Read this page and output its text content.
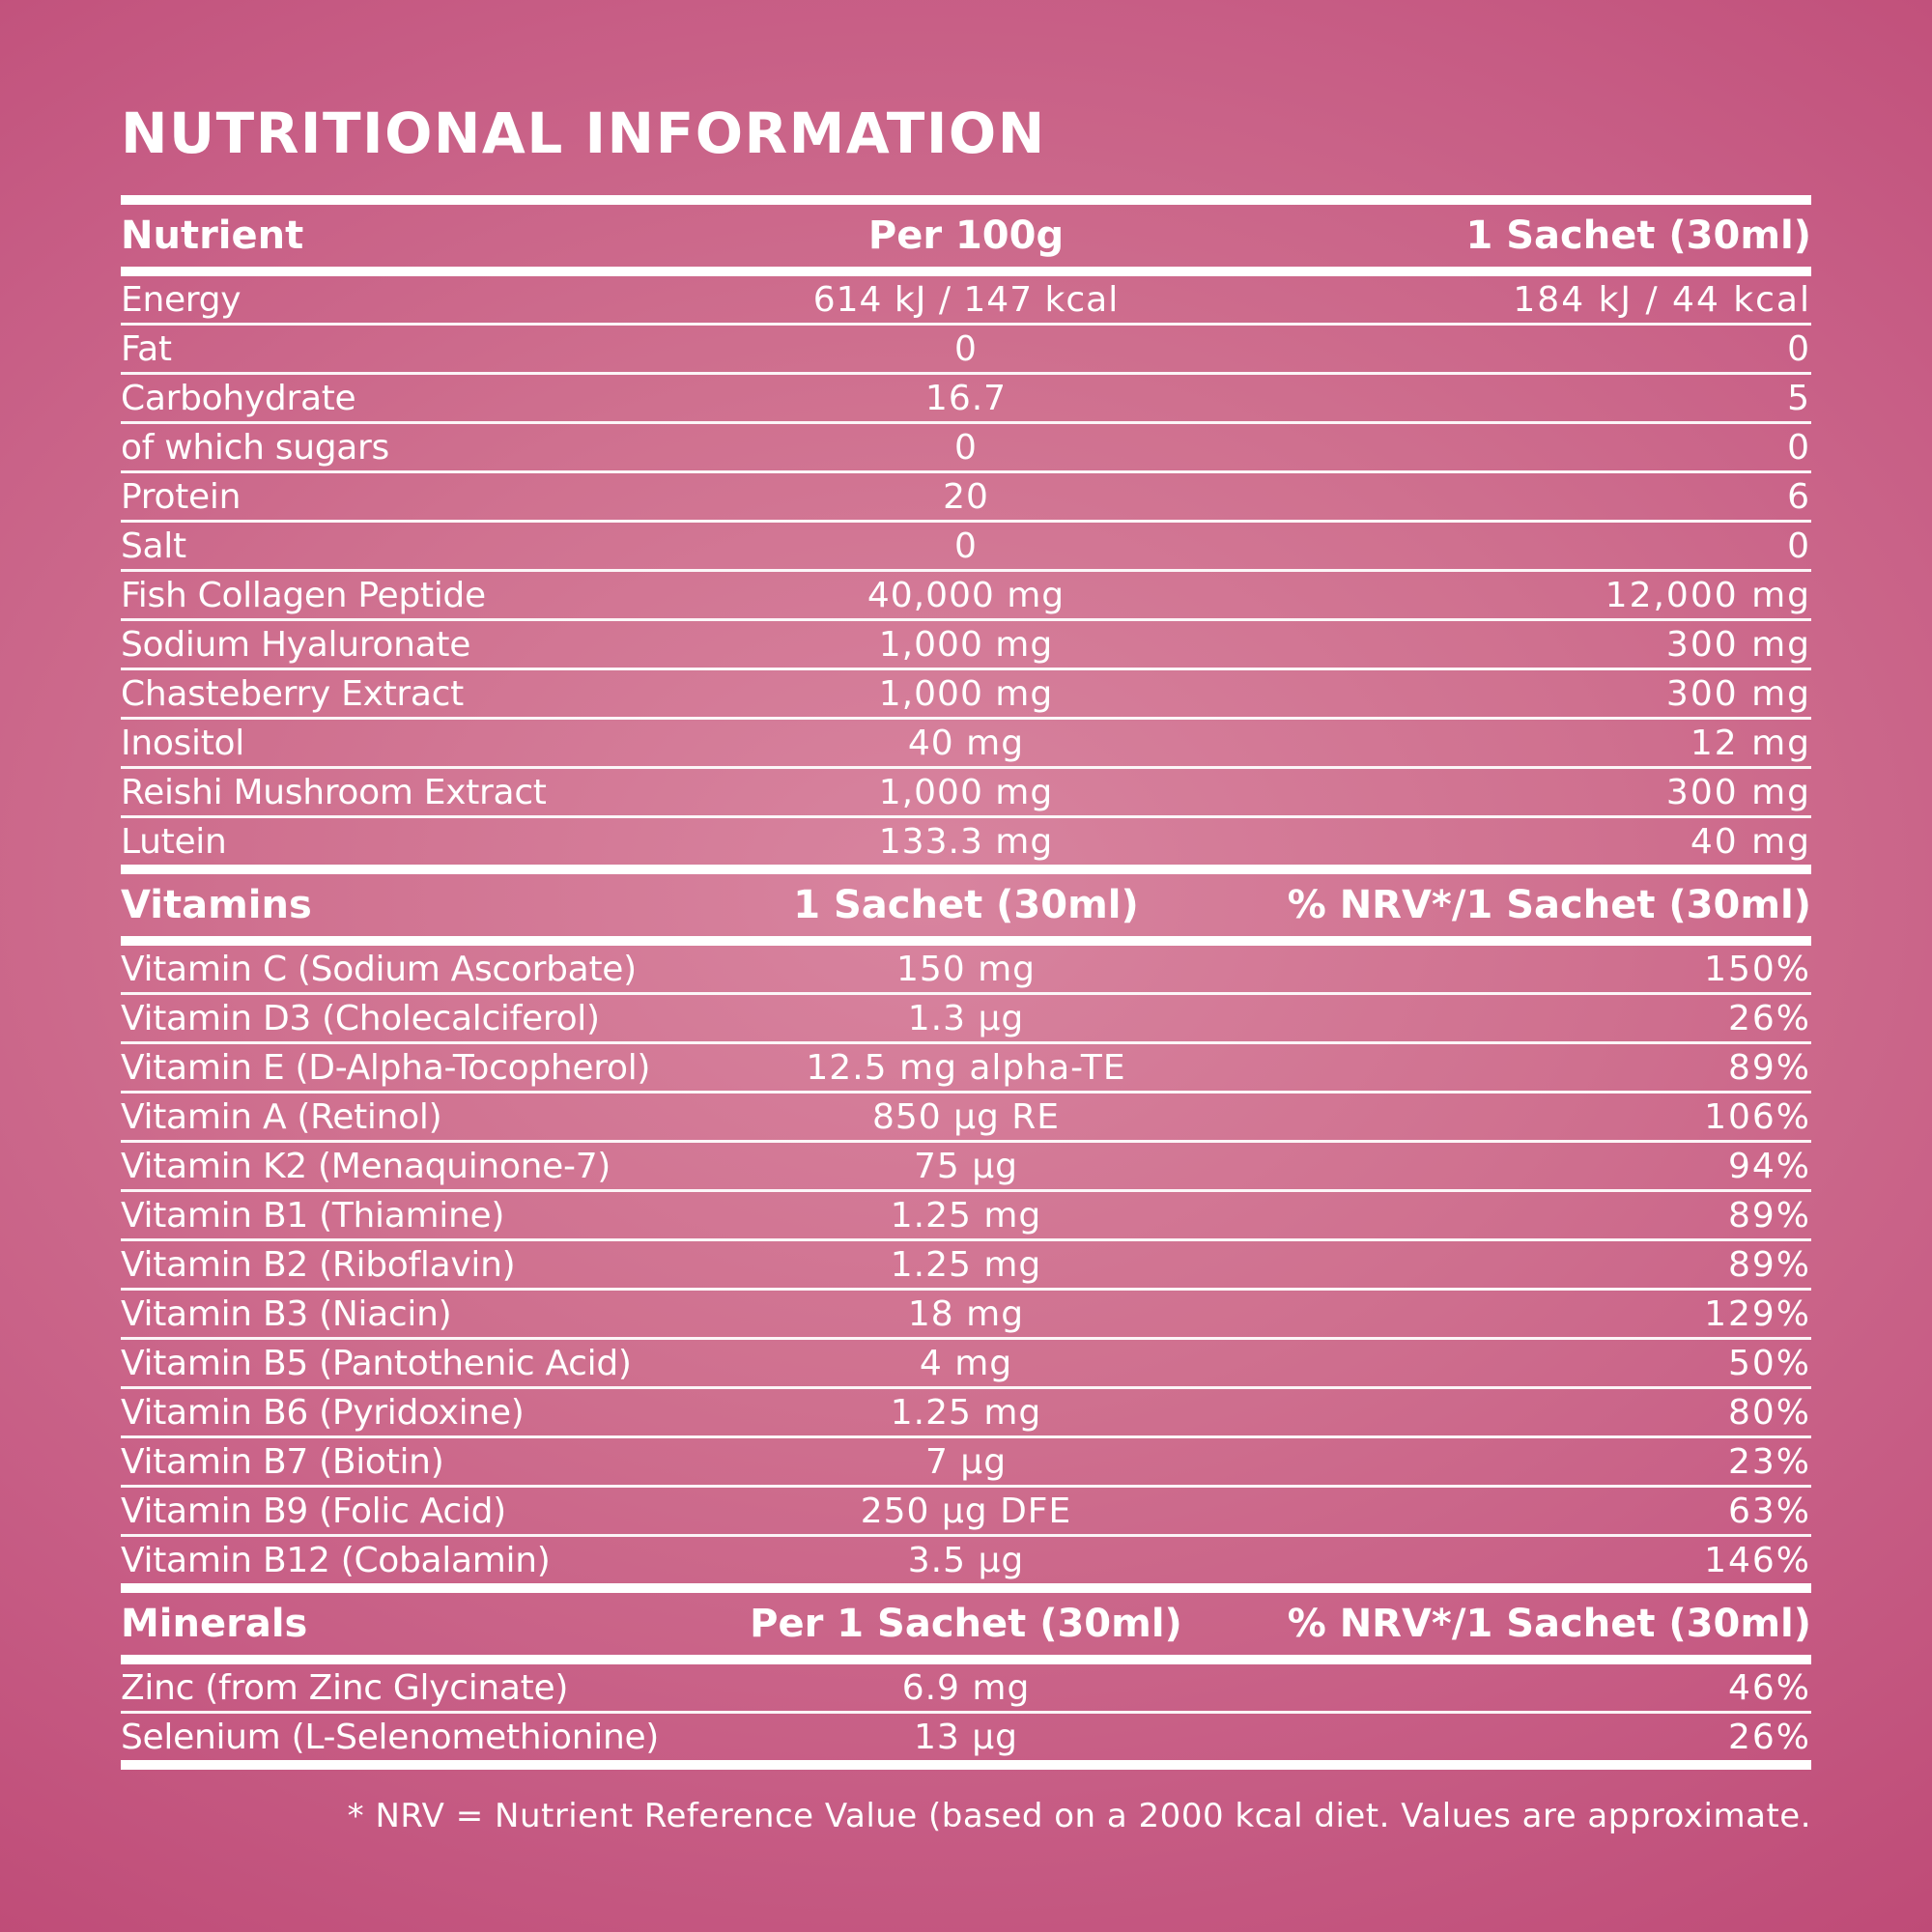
NUTRITIONAL INFORMATION
Nutrient	Per 100g	1 Sachet (30ml)
Energy	614 kJ / 147 kcal	184 kJ / 44 kcal
Fat	0	0
Carbohydrate	16.7	5
of which sugars	0	0
Protein	20	6
Salt	0	0
Fish Collagen Peptide	40,000 mg	12,000 mg
Sodium Hyaluronate	1,000 mg	300 mg
Chasteberry Extract	1,000 mg	300 mg
Inositol	40 mg	12 mg
Reishi Mushroom Extract	1,000 mg	300 mg
Lutein	133.3 mg	40 mg
Vitamins	1 Sachet (30ml)	% NRV*/1 Sachet (30ml)
Vitamin C (Sodium Ascorbate)	150 mg	150%
Vitamin D3 (Cholecalciferol)	1.3 µg	26%
Vitamin E (D-Alpha-Tocopherol)	12.5 mg alpha-TE	89%
Vitamin A (Retinol)	850 µg RE	106%
Vitamin K2 (Menaquinone-7)	75 µg	94%
Vitamin B1 (Thiamine)	1.25 mg	89%
Vitamin B2 (Riboflavin)	1.25 mg	89%
Vitamin B3 (Niacin)	18 mg	129%
Vitamin B5 (Pantothenic Acid)	4 mg	50%
Vitamin B6 (Pyridoxine)	1.25 mg	80%
Vitamin B7 (Biotin)	7 µg	23%
Vitamin B9 (Folic Acid)	250 µg DFE	63%
Vitamin B12 (Cobalamin)	3.5 µg	146%
Minerals	Per 1 Sachet (30ml)	% NRV*/1 Sachet (30ml)
Zinc (from Zinc Glycinate)	6.9 mg	46%
Selenium (L-Selenomethionine)	13 µg	26%
* NRV = Nutrient Reference Value (based on a 2000 kcal diet. Values are approximate.
